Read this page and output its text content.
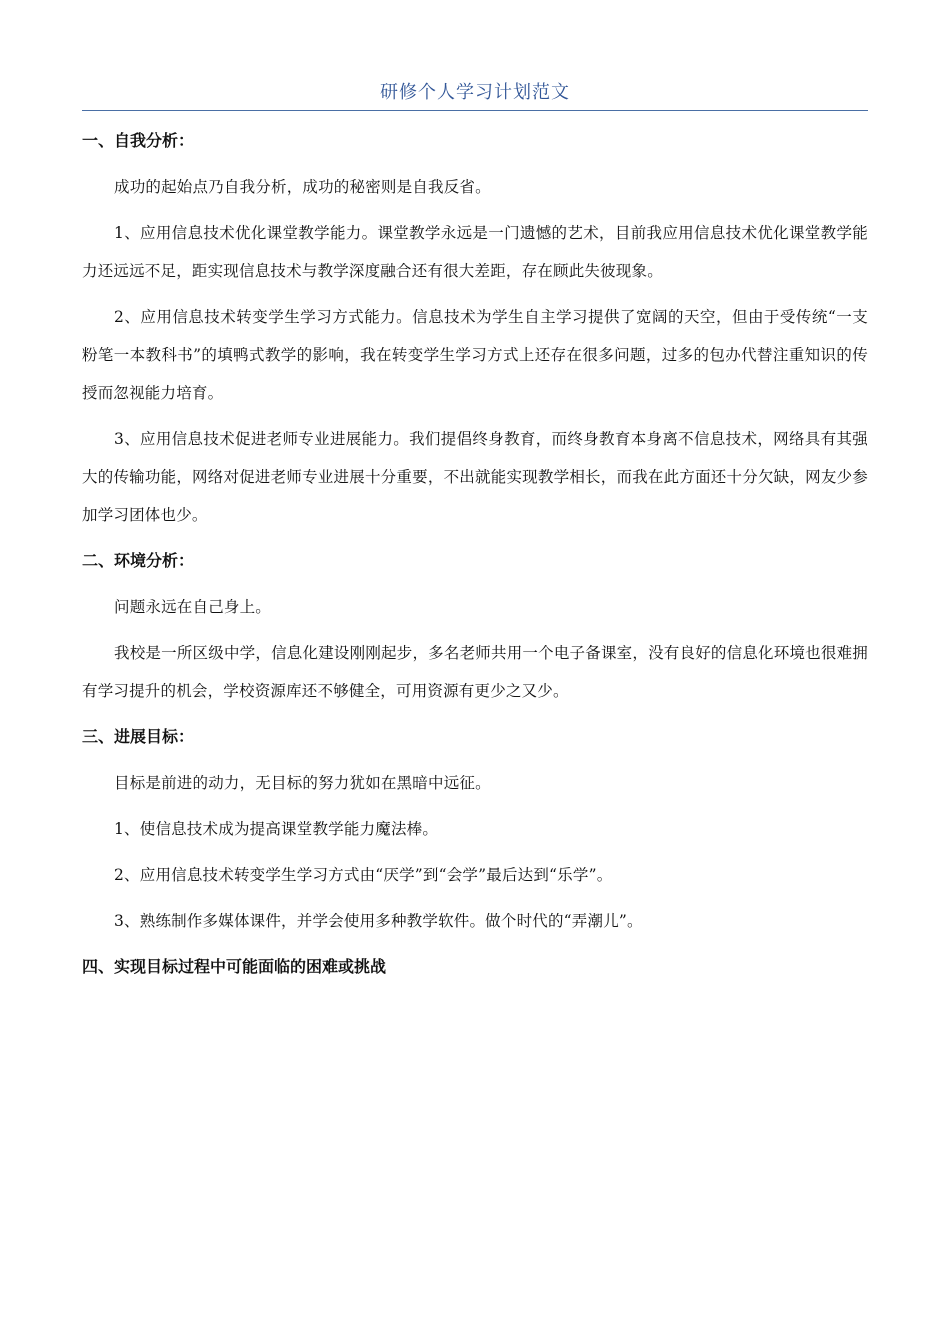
研修个人学习计划范文
一、自我分析：

成功的起始点乃自我分析，成功的秘密则是自我反省。

1、应用信息技术优化课堂教学能力。课堂教学永远是一门遗憾的艺术，目前我应用信息技术优化课堂教学能力还远远不足，距实现信息技术与教学深度融合还有很大差距，存在顾此失彼现象。

2、应用信息技术转变学生学习方式能力。信息技术为学生自主学习提供了宽阔的天空，但由于受传统“一支粉笔一本教科书”的填鸭式教学的影响，我在转变学生学习方式上还存在很多问题，过多的包办代替注重知识的传授而忽视能力培育。

3、应用信息技术促进老师专业进展能力。我们提倡终身教育，而终身教育本身离不信息技术，网络具有其强大的传输功能，网络对促进老师专业进展十分重要，不出就能实现教学相长，而我在此方面还十分欠缺，网友少参加学习团体也少。

二、环境分析：

问题永远在自己身上。

我校是一所区级中学，信息化建设刚刚起步，多名老师共用一个电子备课室，没有良好的信息化环境也很难拥有学习提升的机会，学校资源库还不够健全，可用资源有更少之又少。

三、进展目标：

目标是前进的动力，无目标的努力犹如在黑暗中远征。

1、使信息技术成为提高课堂教学能力魔法棒。

2、应用信息技术转变学生学习方式由“厌学”到“会学”最后达到“乐学”。

3、熟练制作多媒体课件，并学会使用多种教学软件。做个时代的“弄潮儿”。

四、实现目标过程中可能面临的困难或挑战
